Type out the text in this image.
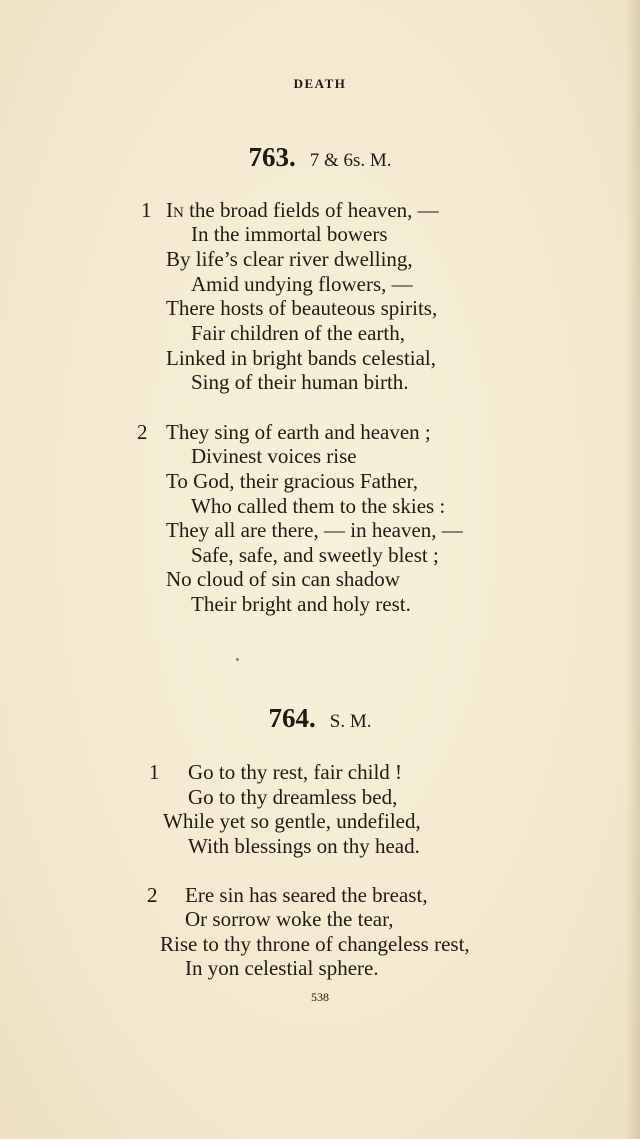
DEATH
763. 7 & 6s. M.
1 In the broad fields of heaven, —
In the immortal bowers
By life’s clear river dwelling,
Amid undying flowers, —
There hosts of beauteous spirits,
Fair children of the earth,
Linked in bright bands celestial,
Sing of their human birth.
2 They sing of earth and heaven ;
Divinest voices rise
To God, their gracious Father,
Who called them to the skies :
They all are there, — in heaven, —
Safe, safe, and sweetly blest ;
No cloud of sin can shadow
Their bright and holy rest.
764. S. M.
1 Go to thy rest, fair child !
Go to thy dreamless bed,
While yet so gentle, undefiled,
With blessings on thy head.
2 Ere sin has seared the breast,
Or sorrow woke the tear,
Rise to thy throne of changeless rest,
In yon celestial sphere.
538
